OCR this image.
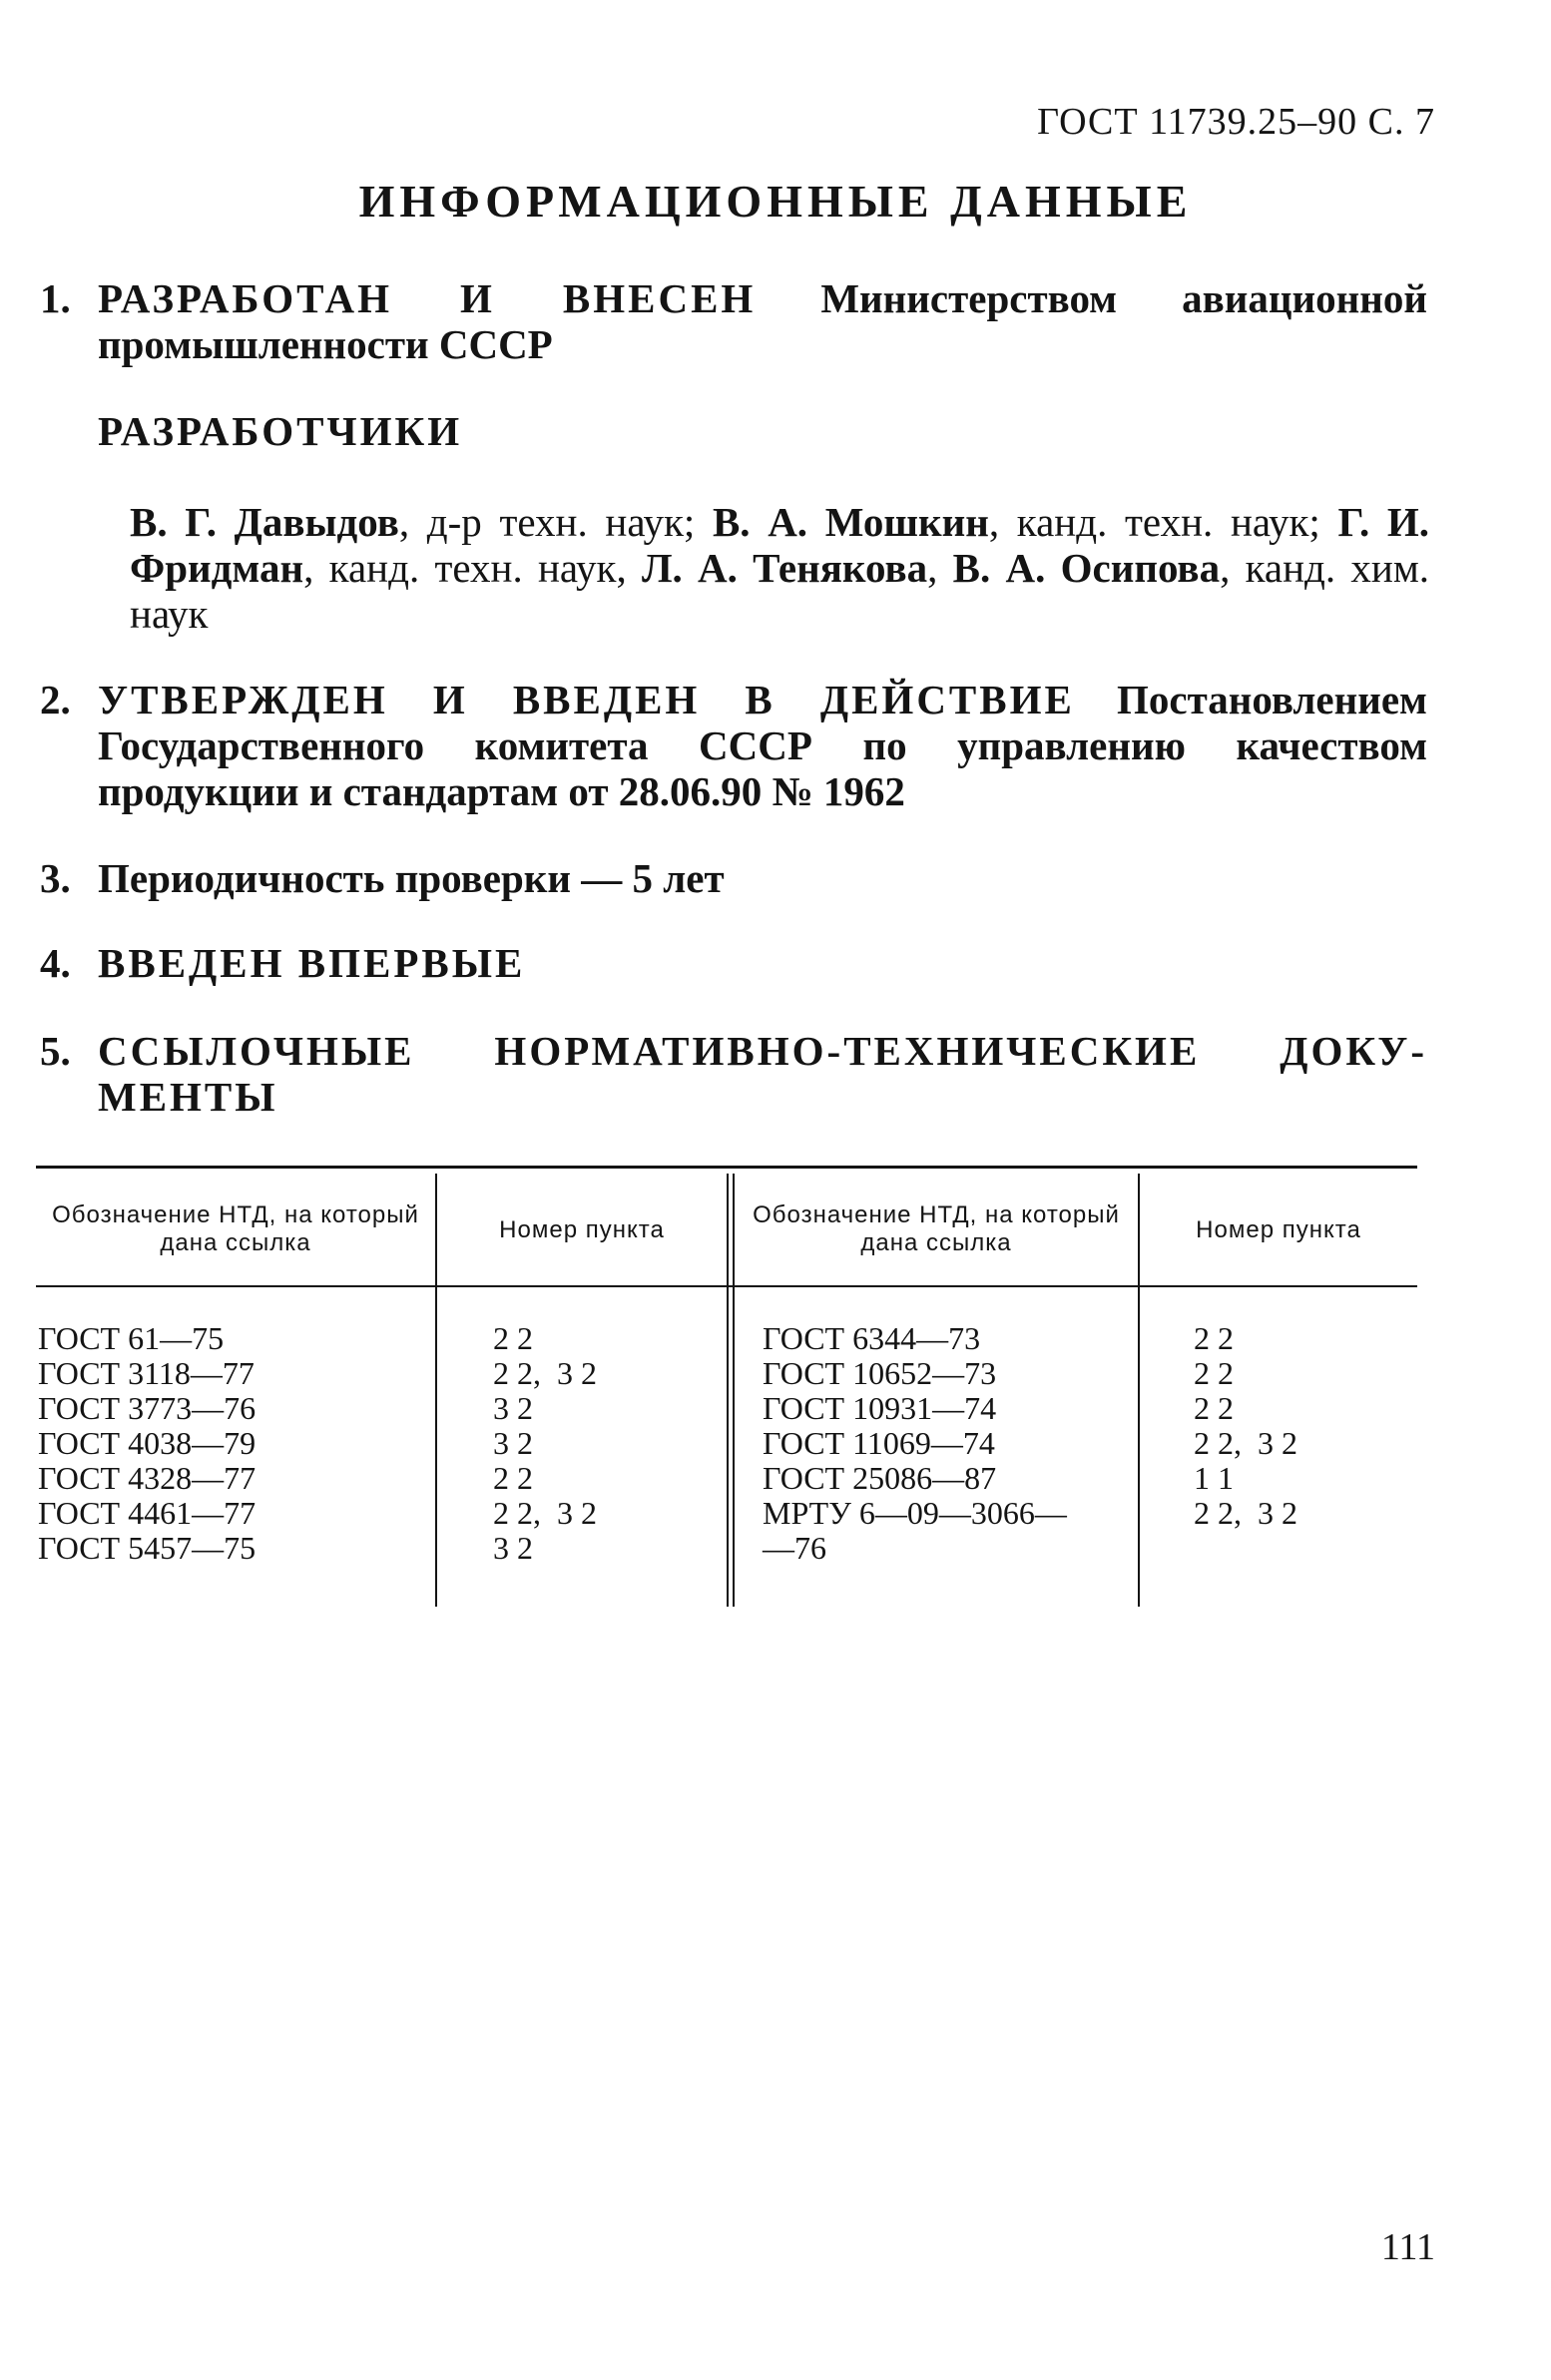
ГОСТ 11739.25–90 С. 7
ИНФОРМАЦИОННЫЕ ДАННЫЕ
1. РАЗРАБОТАН И ВНЕСЕН Министерством авиационной промышленности СССР
РАЗРАБОТЧИКИ
В. Г. Давыдов, д-р техн. наук; В. А. Мошкин, канд. техн. наук; Г. И. Фридман, канд. техн. наук, Л. А. Тенякова, В. А. Осипова, канд. хим. наук
2. УТВЕРЖДЕН И ВВЕДЕН В ДЕЙСТВИЕ Постановлением Государственного комитета СССР по управлению качеством продукции и стандартам от 28.06.90 № 1962
3. Периодичность проверки — 5 лет
4. ВВЕДЕН ВПЕРВЫЕ
5. ССЫЛОЧНЫЕ НОРМАТИВНО-ТЕХНИЧЕСКИЕ ДОКУ-
МЕНТЫ
Обозначение НТД, на который дана ссылка	Номер пункта
Обозначение НТД, на который дана ссылка	Номер пункта
ГОСТ 61—75
ГОСТ 3118—77
ГОСТ 3773—76
ГОСТ 4038—79
ГОСТ 4328—77
ГОСТ 4461—77
ГОСТ 5457—75
2 2
2 2,  3 2
3 2
3 2
2 2
2 2,  3 2
3 2
ГОСТ 6344—73
ГОСТ 10652—73
ГОСТ 10931—74
ГОСТ 11069—74
ГОСТ 25086—87
МРТУ 6—09—3066—
—76
2 2
2 2
2 2
2 2,  3 2
1 1
2 2,  3 2
111
